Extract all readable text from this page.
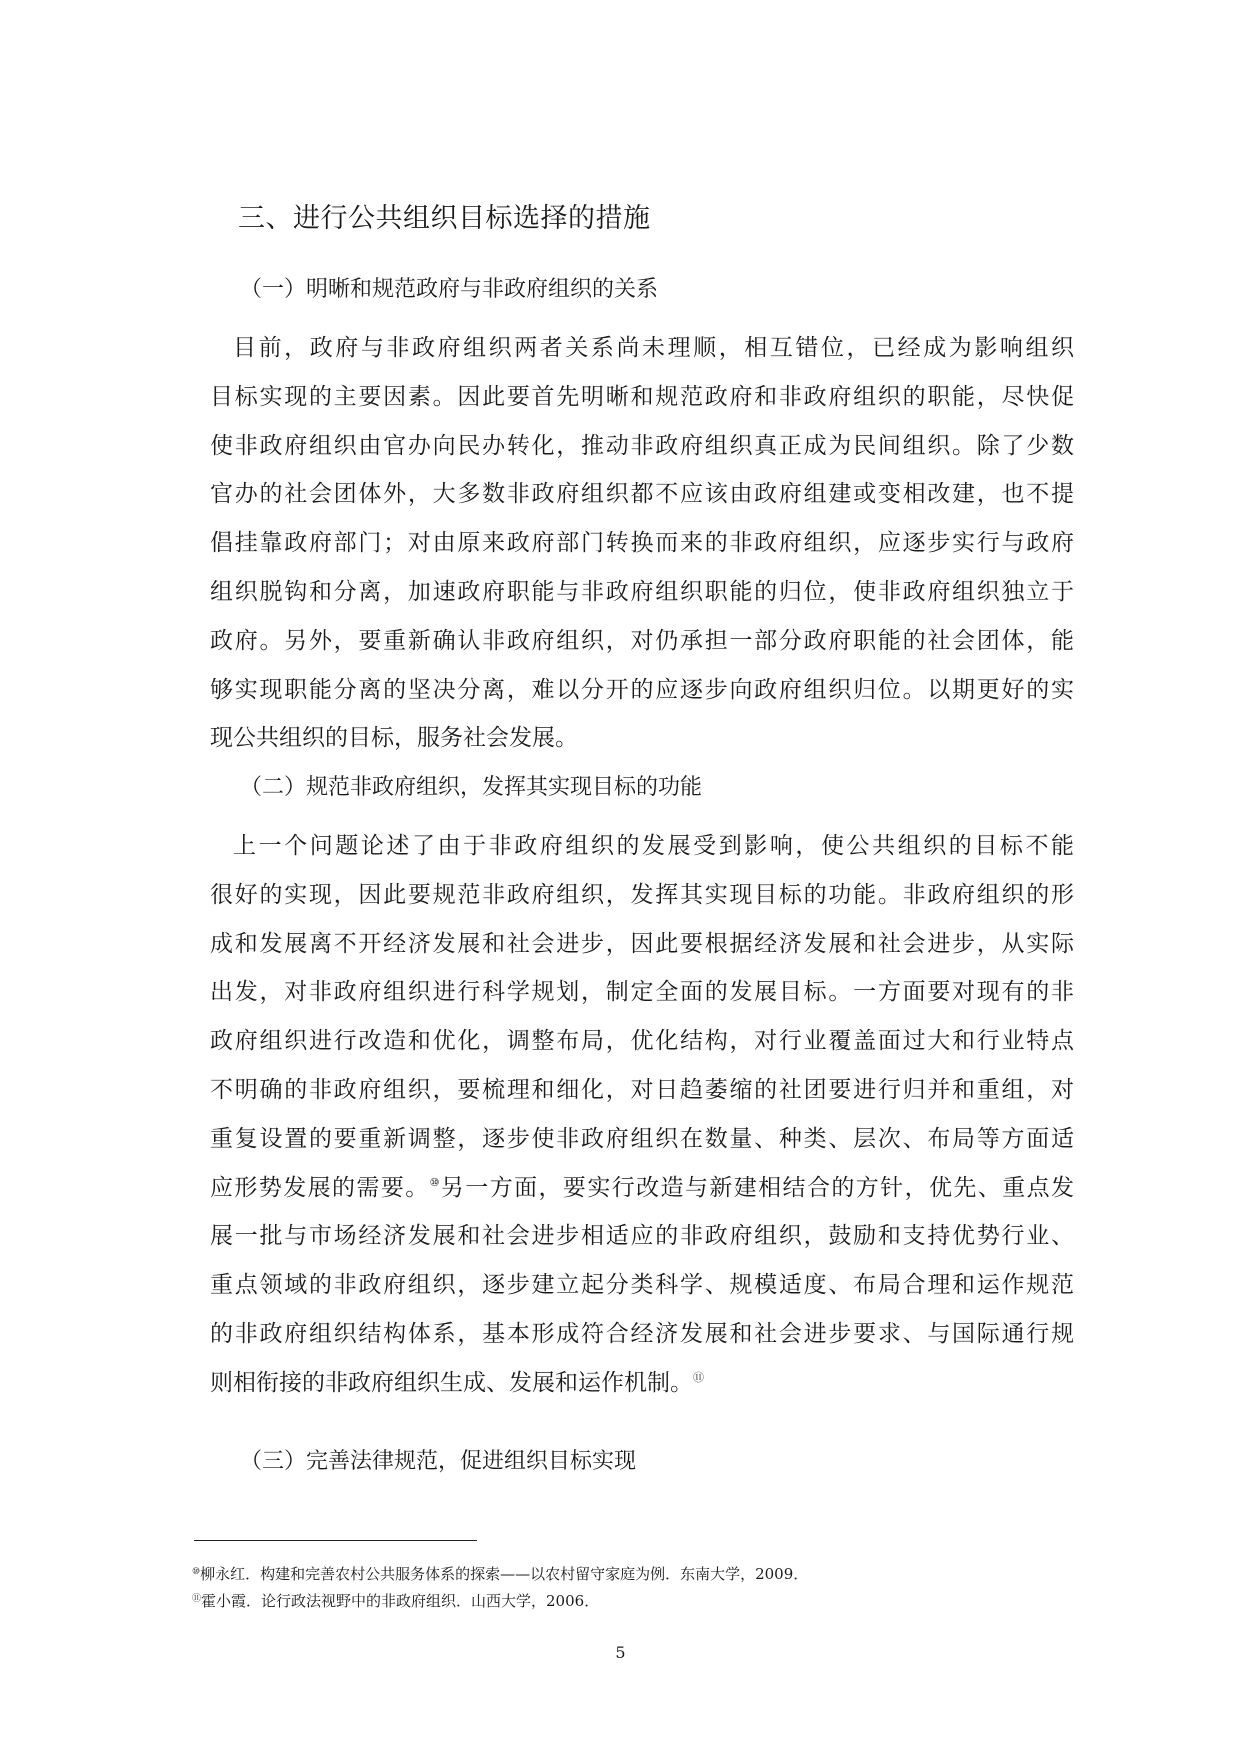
三、进行公共组织目标选择的措施

（一）明晰和规范政府与非政府组织的关系

目前，政府与非政府组织两者关系尚未理顺，相互错位，已经成为影响组织
目标实现的主要因素。因此要首先明晰和规范政府和非政府组织的职能，尽快促
使非政府组织由官办向民办转化，推动非政府组织真正成为民间组织。除了少数
官办的社会团体外，大多数非政府组织都不应该由政府组建或变相改建，也不提
倡挂靠政府部门；对由原来政府部门转换而来的非政府组织，应逐步实行与政府
组织脱钩和分离，加速政府职能与非政府组织职能的归位，使非政府组织独立于
政府。另外，要重新确认非政府组织，对仍承担一部分政府职能的社会团体，能
够实现职能分离的坚决分离，难以分开的应逐步向政府组织归位。以期更好的实
现公共组织的目标，服务社会发展。

（二）规范非政府组织，发挥其实现目标的功能

上一个问题论述了由于非政府组织的发展受到影响，使公共组织的目标不能
很好的实现，因此要规范非政府组织，发挥其实现目标的功能。非政府组织的形
成和发展离不开经济发展和社会进步，因此要根据经济发展和社会进步，从实际
出发，对非政府组织进行科学规划，制定全面的发展目标。一方面要对现有的非
政府组织进行改造和优化，调整布局，优化结构，对行业覆盖面过大和行业特点
不明确的非政府组织，要梳理和细化，对日趋萎缩的社团要进行归并和重组，对
重复设置的要重新调整，逐步使非政府组织在数量、种类、层次、布局等方面适
应形势发展的需要。⑩另一方面，要实行改造与新建相结合的方针，优先、重点发
展一批与市场经济发展和社会进步相适应的非政府组织，鼓励和支持优势行业、
重点领域的非政府组织，逐步建立起分类科学、规模适度、布局合理和运作规范
的非政府组织结构体系，基本形成符合经济发展和社会进步要求、与国际通行规
则相衔接的非政府组织生成、发展和运作机制。⑪

（三）完善法律规范，促进组织目标实现

⑩柳永红．构建和完善农村公共服务体系的探索——以农村留守家庭为例．东南大学，2009．
⑪霍小霞．论行政法视野中的非政府组织．山西大学，2006．
5
